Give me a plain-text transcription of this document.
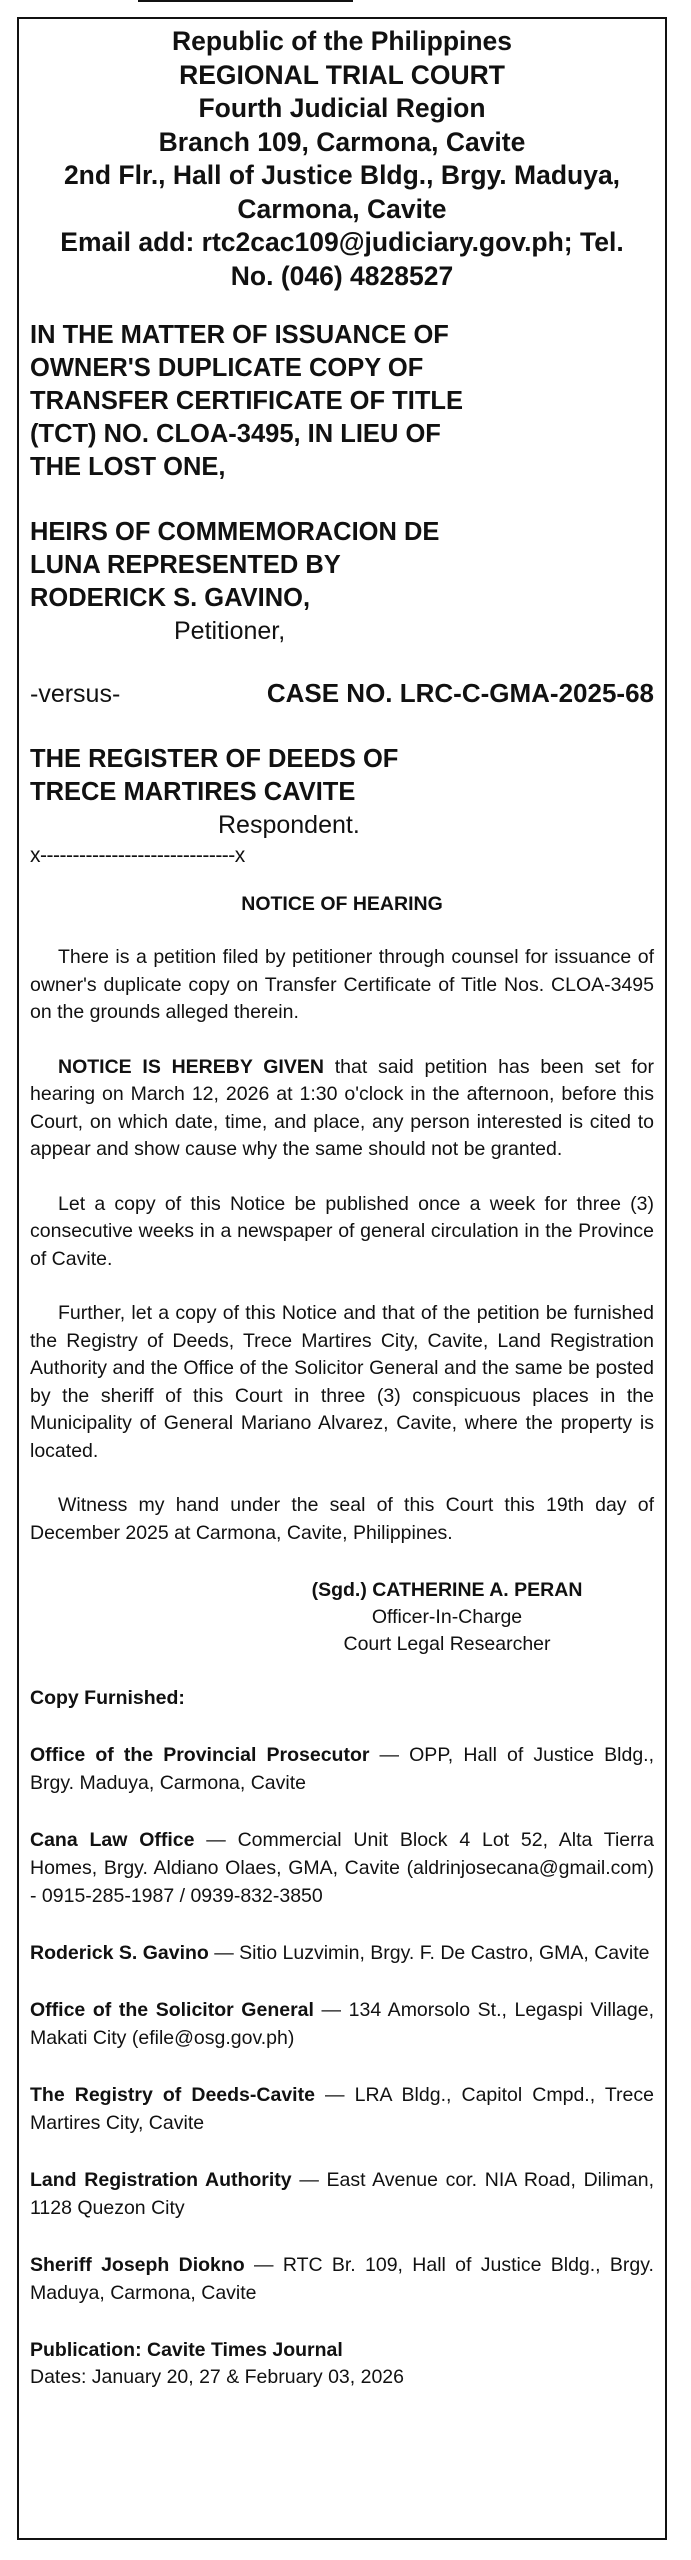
Republic of the Philippines
REGIONAL TRIAL COURT
Fourth Judicial Region
Branch 109, Carmona, Cavite
2nd Flr., Hall of Justice Bldg., Brgy. Maduya,
Carmona, Cavite
Email add: rtc2cac109@judiciary.gov.ph; Tel.
No. (046) 4828527
IN THE MATTER OF ISSUANCE OF
OWNER'S DUPLICATE COPY OF
TRANSFER CERTIFICATE OF TITLE
(TCT) NO. CLOA-3495, IN LIEU OF
THE LOST ONE,
HEIRS OF COMMEMORACION DE
LUNA REPRESENTED BY
RODERICK S. GAVINO,
Petitioner,
-versus-	CASE NO. LRC-C-GMA-2025-68
THE REGISTER OF DEEDS OF
TRECE MARTIRES CAVITE
Respondent.
x------------------------------x
NOTICE OF HEARING

There is a petition filed by petitioner through counsel for issuance of owner's duplicate copy on Transfer Certificate of Title Nos. CLOA-3495 on the grounds alleged therein.

NOTICE IS HEREBY GIVEN that said petition has been set for hearing on March 12, 2026 at 1:30 o'clock in the afternoon, before this Court, on which date, time, and place, any person interested is cited to appear and show cause why the same should not be granted.

Let a copy of this Notice be published once a week for three (3) consecutive weeks in a newspaper of general circulation in the Province of Cavite.

Further, let a copy of this Notice and that of the petition be furnished the Registry of Deeds, Trece Martires City, Cavite, Land Registration Authority and the Office of the Solicitor General and the same be posted by the sheriff of this Court in three (3) conspicuous places in the Municipality of General Mariano Alvarez, Cavite, where the property is located.

Witness my hand under the seal of this Court this 19th day of December 2025 at Carmona, Cavite, Philippines.

(Sgd.) CATHERINE A. PERAN
Officer-In-Charge
Court Legal Researcher
Copy Furnished:
Office of the Provincial Prosecutor — OPP, Hall of Justice Bldg., Brgy. Maduya, Carmona, Cavite
Cana Law Office — Commercial Unit Block 4 Lot 52, Alta Tierra Homes, Brgy. Aldiano Olaes, GMA, Cavite (aldrinjosecana@gmail.com) - 0915-285-1987 / 0939-832-3850
Roderick S. Gavino — Sitio Luzvimin, Brgy. F. De Castro, GMA, Cavite
Office of the Solicitor General — 134 Amorsolo St., Legaspi Village, Makati City (efile@osg.gov.ph)
The Registry of Deeds-Cavite — LRA Bldg., Capitol Cmpd., Trece Martires City, Cavite
Land Registration Authority — East Avenue cor. NIA Road, Diliman, 1128 Quezon City
Sheriff Joseph Diokno — RTC Br. 109, Hall of Justice Bldg., Brgy. Maduya, Carmona, Cavite
Publication: Cavite Times Journal
Dates: January 20, 27 & February 03, 2026
